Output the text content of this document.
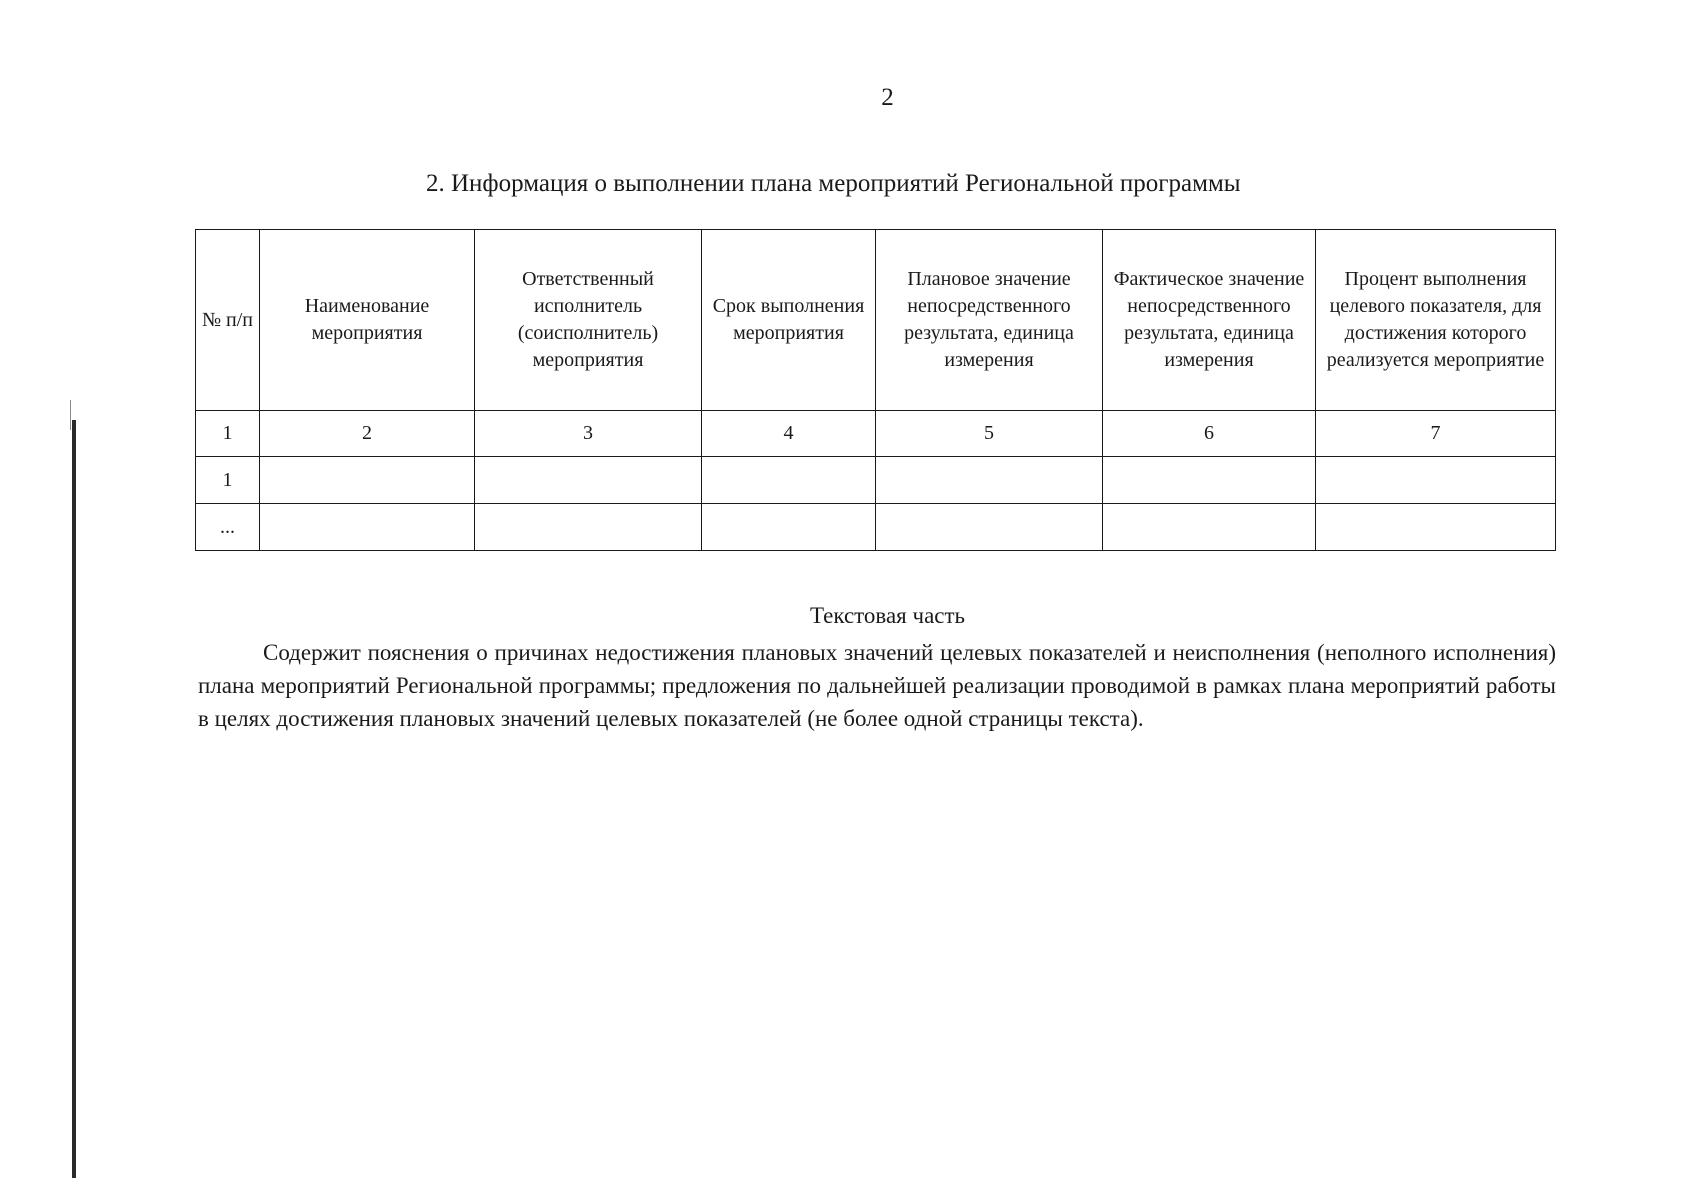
2
2. Информация о выполнении плана мероприятий Региональной программы
№ п/п	Наименование мероприятия	Ответственный исполнитель (соисполнитель) мероприятия	Срок выполнения мероприятия	Плановое значение непосредственного результата, единица измерения	Фактическое значение непосредственного результата, единица измерения	Процент выполнения целевого показателя, для достижения которого реализуется мероприятие
1	2	3	4	5	6	7
1						
...						
Текстовая часть

Содержит пояснения о причинах недостижения плановых значений целевых показателей и неисполнения (неполного исполнения) плана мероприятий Региональной программы; предложения по дальнейшей реализации проводимой в рамках плана мероприятий работы в целях достижения плановых значений целевых показателей (не более одной страницы текста).
